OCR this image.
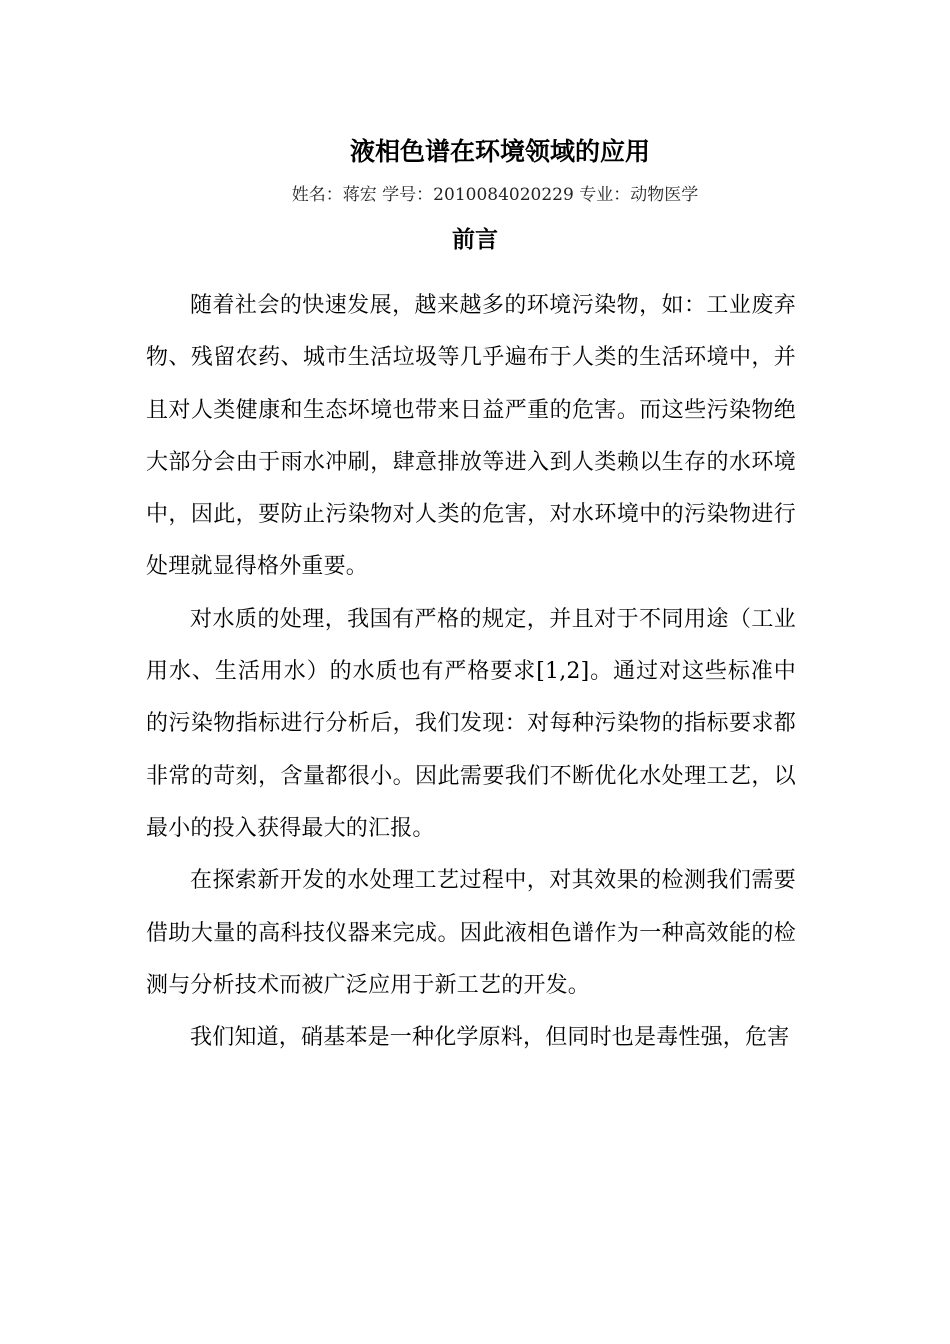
液相色谱在环境领域的应用
姓名：蒋宏 学号：2010084020229 专业：动物医学
前言

随着社会的快速发展，越来越多的环境污染物，如：工业废弃物、残留农药、城市生活垃圾等几乎遍布于人类的生活环境中，并且对人类健康和生态坏境也带来日益严重的危害。而这些污染物绝大部分会由于雨水冲刷，肆意排放等进入到人类赖以生存的水环境中，因此，要防止污染物对人类的危害，对水环境中的污染物进行处理就显得格外重要。

对水质的处理，我国有严格的规定，并且对于不同用途（工业用水、生活用水）的水质也有严格要求[1,2]。通过对这些标准中的污染物指标进行分析后，我们发现：对每种污染物的指标要求都非常的苛刻，含量都很小。因此需要我们不断优化水处理工艺，以最小的投入获得最大的汇报。

在探索新开发的水处理工艺过程中，对其效果的检测我们需要借助大量的高科技仪器来完成。因此液相色谱作为一种高效能的检测与分析技术而被广泛应用于新工艺的开发。

我们知道，硝基苯是一种化学原料，但同时也是毒性强，危害
